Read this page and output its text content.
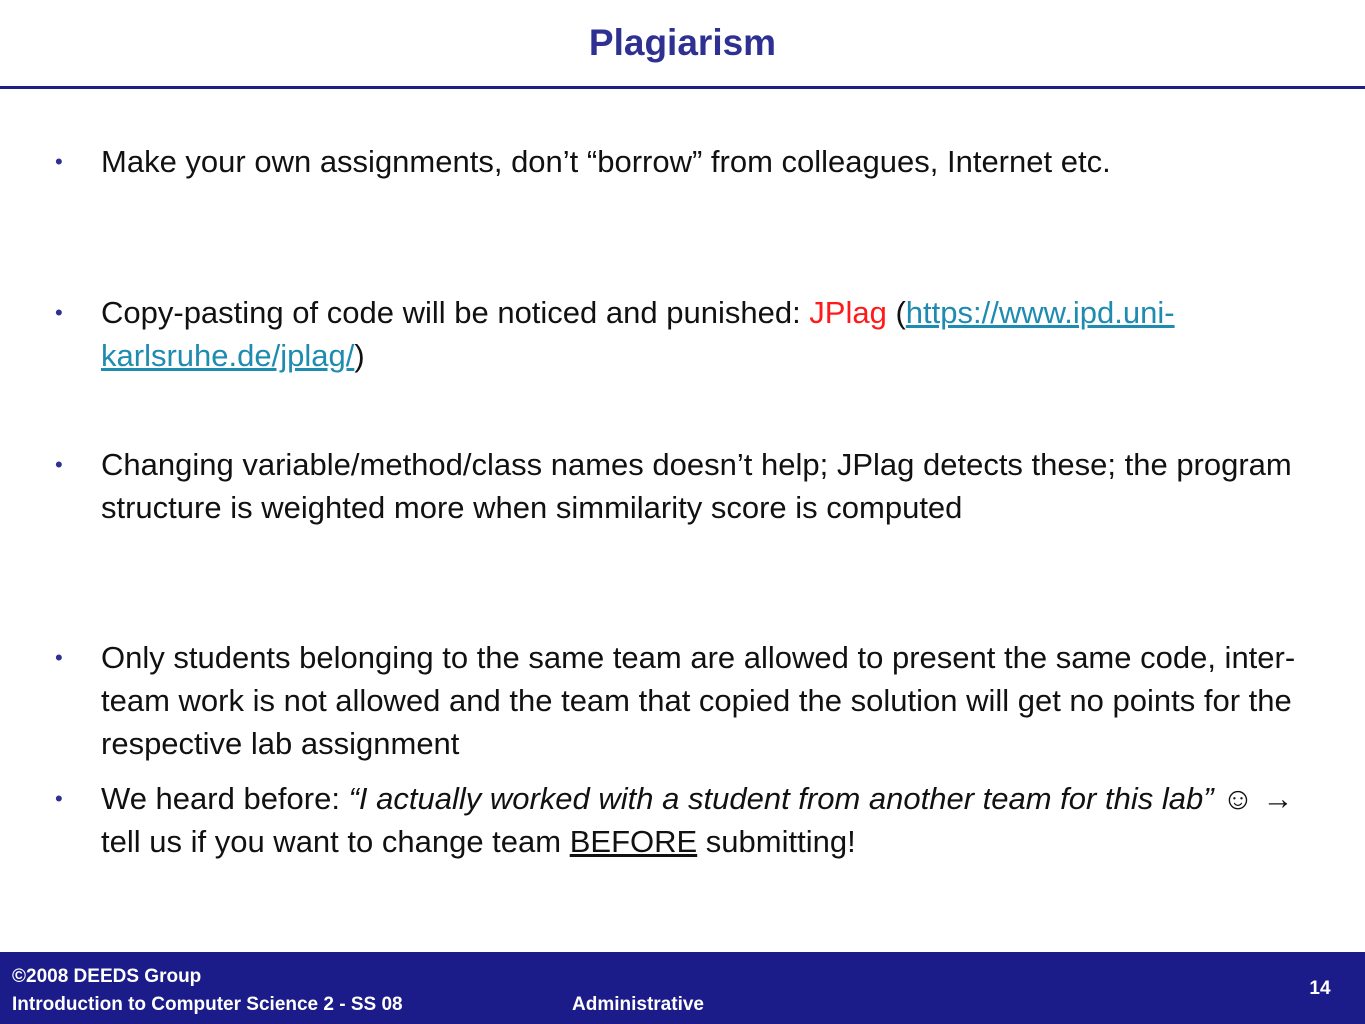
Plagiarism
• Make your own assignments, don’t “borrow” from colleagues, Internet etc.
• Copy-pasting of code will be noticed and punished: JPlag (https://www.ipd.uni-karlsruhe.de/jplag/)
• Changing variable/method/class names doesn’t help; JPlag detects these; the program structure is weighted more when simmilarity score is computed
• Only students belonging to the same team are allowed to present the same code, inter-team work is not allowed and the team that copied the solution will get no points for the respective lab assignment
• We heard before: “I actually worked with a student from another team for this lab” ☺ → tell us if you want to change team BEFORE submitting!
©2008 DEEDS Group
Introduction to Computer Science 2 - SS 08	Administrative
14
